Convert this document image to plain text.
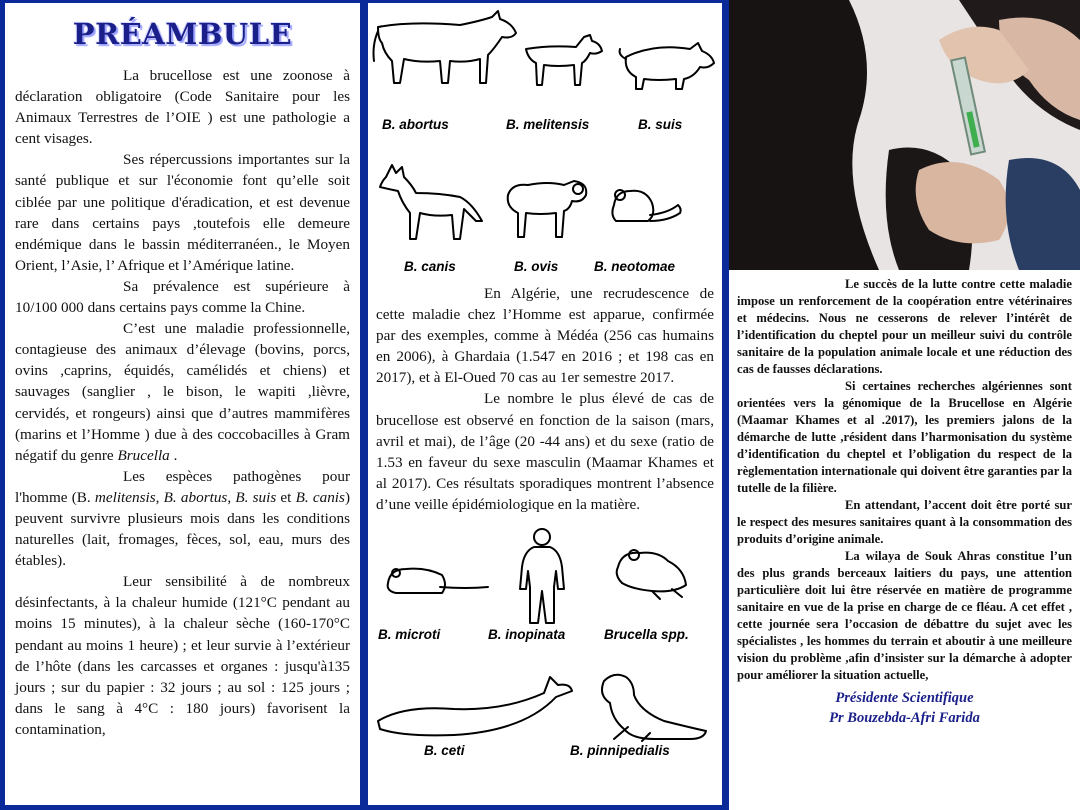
PRÉAMBULE

La brucellose est une zoonose à déclaration obligatoire (Code Sanitaire pour les Animaux Terrestres de l’OIE ) est une pathologie a cent visages.

Ses répercussions importantes sur la santé publique et sur l'économie font qu’elle soit ciblée par une politique d'éradication, et est devenue rare dans certains pays ,toutefois elle demeure endémique dans le bassin méditerranéen., le Moyen Orient, l’Asie, l’ Afrique et l’Amérique latine.

Sa prévalence est supérieure à 10/100 000 dans certains pays comme la Chine.

C’est une maladie professionnelle, contagieuse des animaux d’élevage (bovins, porcs, ovins ,caprins, équidés, camélidés et chiens) et sauvages (sanglier , le bison, le wapiti ,lièvre, cervidés, et rongeurs) ainsi que d’autres mammifères (marins et l’Homme ) due à des coccobacilles à Gram négatif du genre Brucella .

Les espèces pathogènes pour l'homme (B. melitensis, B. abortus, B. suis et B. canis) peuvent survivre plusieurs mois dans les conditions naturelles (lait, fromages, fèces, sol, eau, murs des étables).

Leur sensibilité à de nombreux désinfectants, à la chaleur humide (121°C pendant au moins 15 minutes), à la chaleur sèche (160-170°C pendant au moins 1 heure) ; et leur survie à l’extérieur de l’hôte (dans les carcasses et organes : jusqu'à135 jours ; sur du papier : 32 jours ; au sol : 125 jours ; dans le sang à 4°C : 180 jours) favorisent la contamination,

B. abortus	B. melitensis	B. suis
B. canis	B. ovis	B. neotomae

En Algérie, une recrudescence de cette maladie chez l’Homme est apparue, confirmée par des exemples, comme à Médéa (256 cas humains en 2006), à Ghardaia (1.547 en 2016 ; et 198 cas en 2017), et à El-Oued 70 cas au 1er semestre 2017.

Le nombre le plus élevé de cas de brucellose est observé en fonction de la saison (mars, avril et mai), de l’âge (20 -44 ans) et du sexe (ratio de 1.53 en faveur du sexe masculin (Maamar Khames et al 2017). Ces résultats sporadiques montrent l’absence d’une veille épidémiologique en la matière.

B. microti	B. inopinata	Brucella spp.
B. ceti	B. pinnipedialis

Le succès de la lutte contre cette maladie impose un renforcement de la coopération entre vétérinaires et médecins. Nous ne cesserons de relever l’intérêt de l’identification du cheptel pour un meilleur suivi du contrôle sanitaire de la population animale locale et une réduction des cas de fausses déclarations.

Si certaines recherches algériennes sont orientées vers la génomique de la Brucellose en Algérie (Maamar Khames et al .2017), les premiers jalons de la démarche de lutte ,résident dans l’harmonisation du système d’identification du cheptel et l’obligation du respect de la règlementation internationale qui doivent être garanties par la tutelle de la filière.

En attendant, l’accent doit être porté sur le respect des mesures sanitaires quant à la consommation des produits d’origine animale.

La wilaya de Souk Ahras constitue l’un des plus grands berceaux laitiers du pays, une attention particulière doit lui être réservée en matière de programme sanitaire en vue de la prise en charge de ce fléau. A cet effet , cette journée sera l’occasion de débattre du sujet avec les spécialistes , les hommes du terrain et aboutir à une meilleure vision du problème ,afin d’insister sur la démarche à adopter pour améliorer la situation actuelle,

Présidente Scientifique
Pr Bouzebda-Afri Farida
